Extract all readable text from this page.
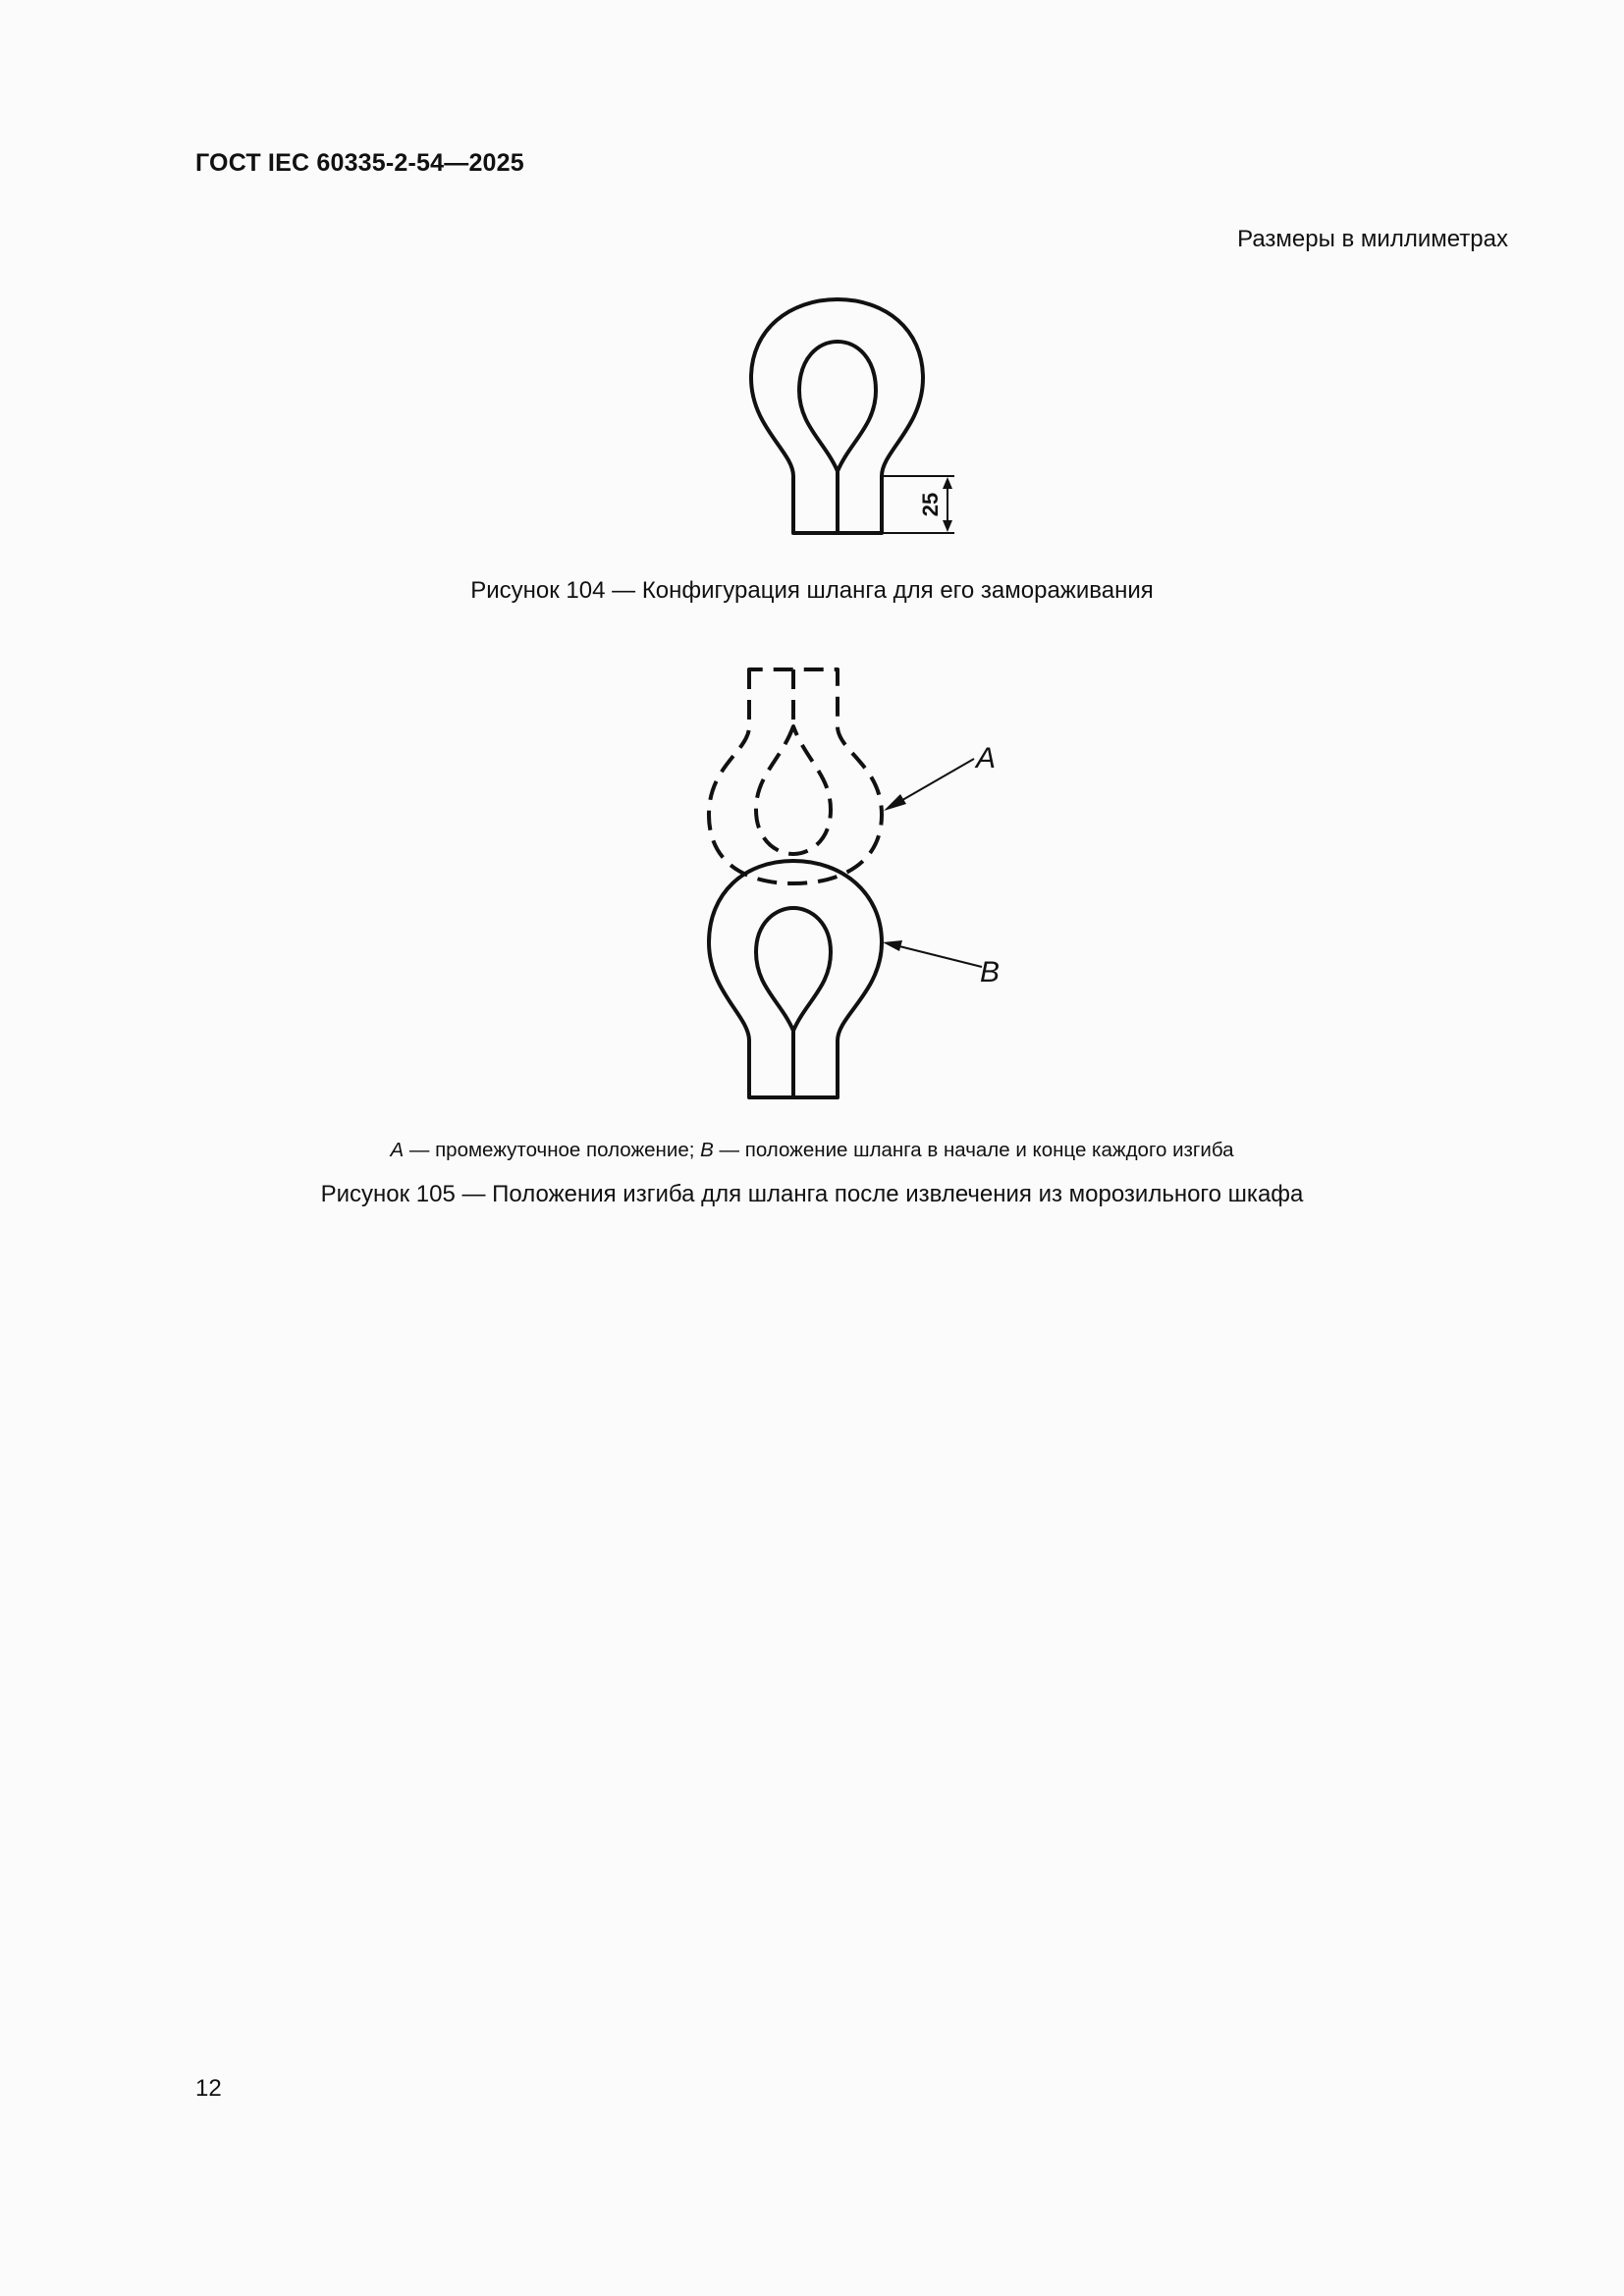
ГОСТ IEC 60335-2-54—2025
Размеры в миллиметрах
25
Рисунок 104 — Конфигурация шланга для его замораживания
A
B
A — промежуточное положение; B — положение шланга в начале и конце каждого изгиба
Рисунок 105 — Положения изгиба для шланга после извлечения из морозильного шкафа
12
